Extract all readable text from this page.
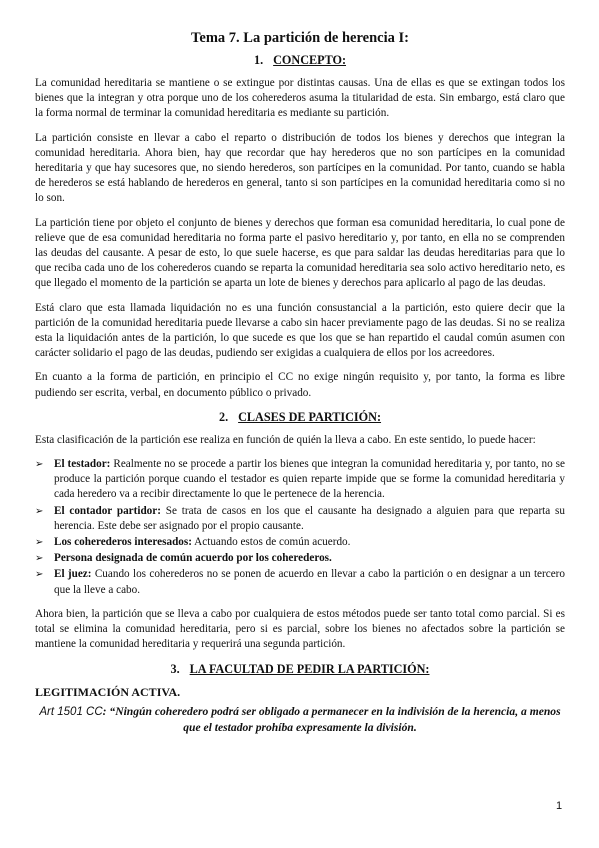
Tema 7. La partición de herencia I:
1. CONCEPTO:

La comunidad hereditaria se mantiene o se extingue por distintas causas. Una de ellas es que se extingan todos los bienes que la integran y otra porque uno de los coherederos asuma la titularidad de esta. Sin embargo, está claro que la forma normal de terminar la comunidad hereditaria es mediante su partición.

La partición consiste en llevar a cabo el reparto o distribución de todos los bienes y derechos que integran la comunidad hereditaria. Ahora bien, hay que recordar que hay herederos que no son partícipes en la comunidad hereditaria y que hay sucesores que, no siendo herederos, son partícipes en la comunidad. Por tanto, cuando se habla de herederos se está hablando de herederos en general, tanto si son partícipes en la comunidad hereditaria como si no lo son.

La partición tiene por objeto el conjunto de bienes y derechos que forman esa comunidad hereditaria, lo cual pone de relieve que de esa comunidad hereditaria no forma parte el pasivo hereditario y, por tanto, en ella no se comprenden las deudas del causante. A pesar de esto, lo que suele hacerse, es que para saldar las deudas hereditarias para que lo que reciba cada uno de los coherederos cuando se reparta la comunidad hereditaria sea solo activo hereditario neto, es que llegado el momento de la partición se aparta un lote de bienes y derechos para aplicarlo al pago de las deudas.

Está claro que esta llamada liquidación no es una función consustancial a la partición, esto quiere decir que la partición de la comunidad hereditaria puede llevarse a cabo sin hacer previamente pago de las deudas. Si no se realiza esta la liquidación antes de la partición, lo que sucede es que los que se han repartido el caudal común asumen con carácter solidario el pago de las deudas, pudiendo ser exigidas a cualquiera de ellos por los acreedores.

En cuanto a la forma de partición, en principio el CC no exige ningún requisito y, por tanto, la forma es libre pudiendo ser escrita, verbal, en documento público o privado.

2. CLASES DE PARTICIÓN:

Esta clasificación de la partición ese realiza en función de quién la lleva a cabo. En este sentido, lo puede hacer:

➢ El testador: Realmente no se procede a partir los bienes que integran la comunidad hereditaria y, por tanto, no se produce la partición porque cuando el testador es quien reparte impide que se forme la comunidad hereditaria y cada heredero va a recibir directamente lo que le pertenece de la herencia.
➢ El contador partidor: Se trata de casos en los que el causante ha designado a alguien para que reparta su herencia. Este debe ser asignado por el propio causante.
➢ Los coherederos interesados: Actuando estos de común acuerdo.
➢ Persona designada de común acuerdo por los coherederos.
➢ El juez: Cuando los coherederos no se ponen de acuerdo en llevar a cabo la partición o en designar a un tercero que la lleve a cabo.

Ahora bien, la partición que se lleva a cabo por cualquiera de estos métodos puede ser tanto total como parcial. Si es total se elimina la comunidad hereditaria, pero si es parcial, sobre los bienes no afectados sobre la partición se mantiene la comunidad hereditaria y requerirá una segunda partición.

3. LA FACULTAD DE PEDIR LA PARTICIÓN:
LEGITIMACIÓN ACTIVA.

Art 1501 CC: “Ningún coheredero podrá ser obligado a permanecer en la indivisión de la herencia, a menos que el testador prohíba expresamente la división.

1
